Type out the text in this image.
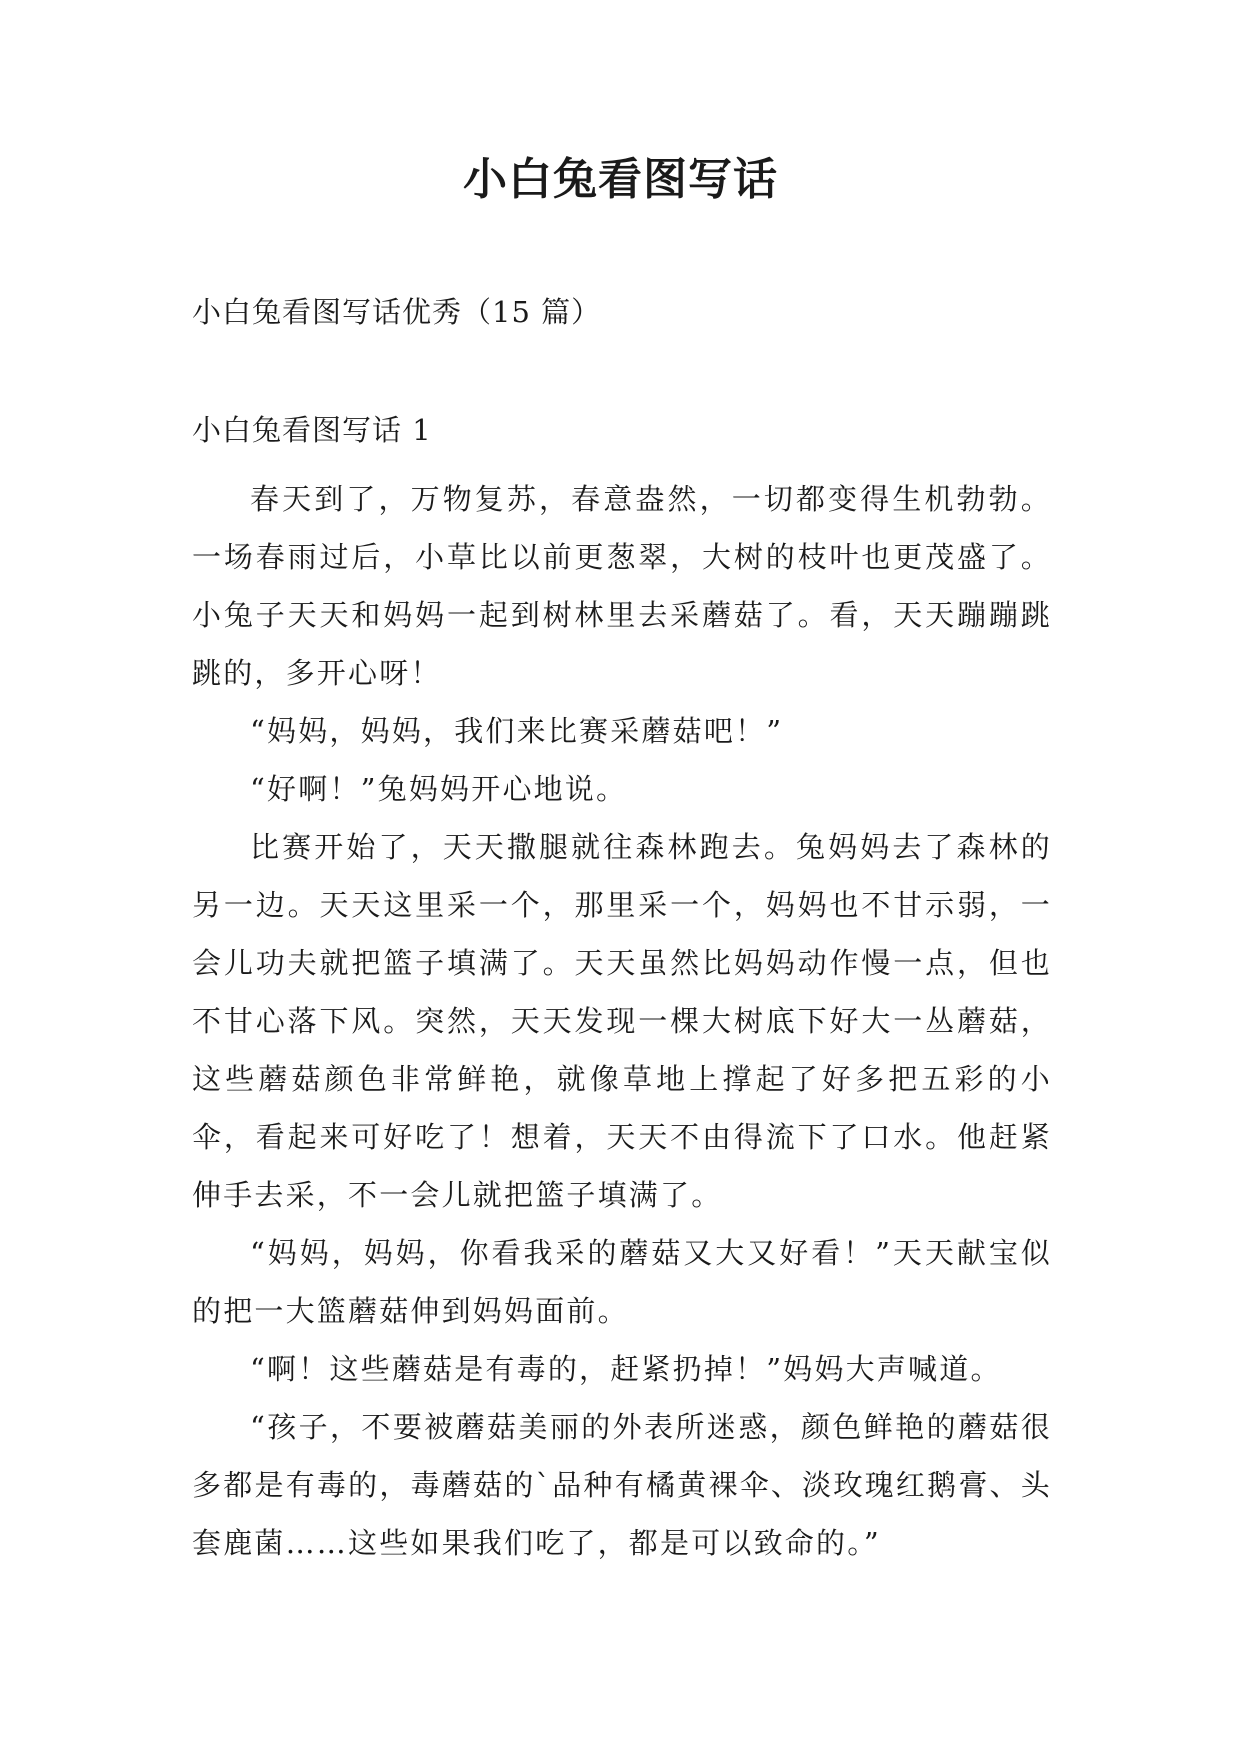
小白兔看图写话

小白兔看图写话优秀（15 篇）

小白兔看图写话 1

春天到了，万物复苏，春意盎然，一切都变得生机勃勃。一场春雨过后，小草比以前更葱翠，大树的枝叶也更茂盛了。小兔子天天和妈妈一起到树林里去采蘑菇了。看，天天蹦蹦跳跳的，多开心呀！

“妈妈，妈妈，我们来比赛采蘑菇吧！”

“好啊！”兔妈妈开心地说。

比赛开始了，天天撒腿就往森林跑去。兔妈妈去了森林的另一边。天天这里采一个，那里采一个，妈妈也不甘示弱，一会儿功夫就把篮子填满了。天天虽然比妈妈动作慢一点，但也不甘心落下风。突然，天天发现一棵大树底下好大一丛蘑菇，这些蘑菇颜色非常鲜艳，就像草地上撑起了好多把五彩的小伞，看起来可好吃了！想着，天天不由得流下了口水。他赶紧伸手去采，不一会儿就把篮子填满了。

“妈妈，妈妈，你看我采的蘑菇又大又好看！”天天献宝似的把一大篮蘑菇伸到妈妈面前。

“啊！这些蘑菇是有毒的，赶紧扔掉！”妈妈大声喊道。

“孩子，不要被蘑菇美丽的外表所迷惑，颜色鲜艳的蘑菇很多都是有毒的，毒蘑菇的`品种有橘黄裸伞、淡玫瑰红鹅膏、头套鹿菌……这些如果我们吃了，都是可以致命的。”
